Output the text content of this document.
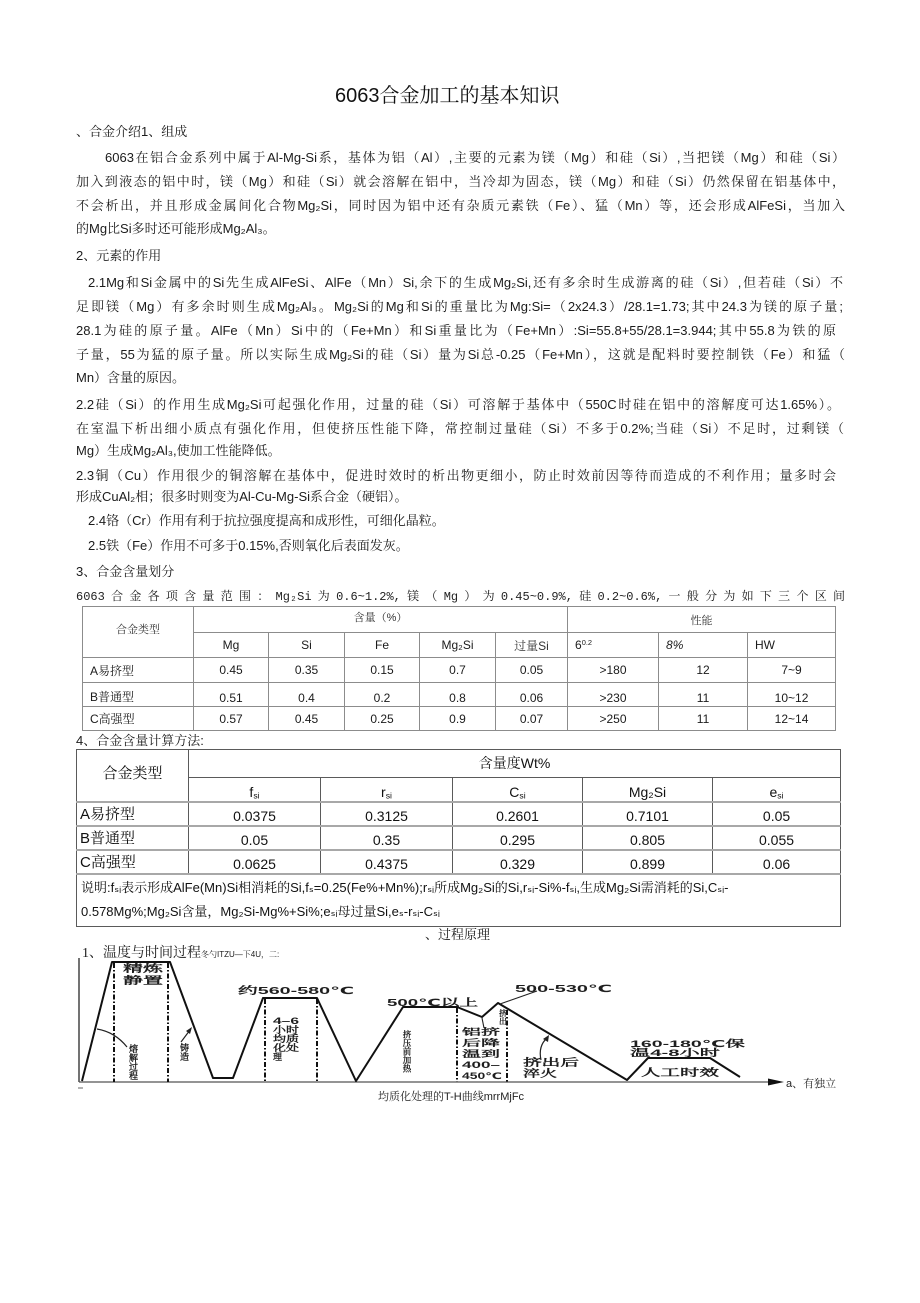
6063合金加工的基本知识
、合金介绍1、组成
6063在铝合金系列中属于Al-Mg-Si系，基体为铝（Al）,主要的元素为镁（Mg）和硅（Si）,当把镁（Mg）和硅（Si）
加入到液态的铝中时，镁（Mg）和硅（Si）就会溶解在铝中，当冷却为固态，镁（Mg）和硅（Si）仍然保留在铝基体中，
不会析出，并且形成金属间化合物Mg₂Si，同时因为铝中还有杂质元素铁（Fe）、猛（Mn）等，还会形成AlFeSi，当加入
的Mg比Si多时还可能形成Mg₂Al₃。
2、元素的作用
2.1Mg和Si金属中的Si先生成AlFeSi、AlFe（Mn）Si,余下的生成Mg₂Si,还有多余时生成游离的硅（Si）,但若硅（Si）不
足即镁（Mg）有多余时则生成Mg₂Al₃。Mg₂Si的Mg和Si的重量比为Mg:Si=（2x24.3）/28.1=1.73;其中24.3为镁的原子量;
28.1为硅的原子量。AlFe（Mn）Si中的（Fe+Mn）和Si重量比为（Fe+Mn）:Si=55.8+55/28.1=3.944;其中55.8为铁的原
子量，55为猛的原子量。所以实际生成Mg₂Si的硅（Si）量为Si总-0.25（Fe+Mn），这就是配料时要控制铁（Fe）和猛（
Mn）含量的原因。
2.2硅（Si）的作用生成Mg₂Si可起强化作用，过量的硅（Si）可溶解于基体中（550C时硅在铝中的溶解度可达1.65%）。
在室温下析出细小质点有强化作用，但使挤压性能下降，常控制过量硅（Si）不多于0.2%;当硅（Si）不足时，过剩镁（
Mg）生成Mg₂Al₃,使加工性能降低。
2.3铜（Cu）作用很少的铜溶解在基体中，促进时效时的析出物更细小，防止时效前因等待而造成的不利作用；量多时会
形成CuAl₂相；很多时则变为Al-Cu-Mg-Si系合金（硬铝）。
2.4铬（Cr）作用有利于抗拉强度提高和成形性，可细化晶粒。
2.5铁（Fe）作用不可多于0.15%,否则氧化后表面发灰。
3、合金含量划分
6063合金各项含量范围：Mg₂Si为0.6~1.2%,镁（Mg）为0.45~0.9%,硅0.2~0.6%,一般分为如下三个区间
合金类型	含量（%）					性能		
	Mg	Si	Fe	Mg₂Si	过量Si	$6^{0.2}$	8%	HW
A易挤型	0.45	0.35	0.15	0.7	0.05	>180	12	7~9
B普通型	0.51	0.4	0.2	0.8	0.06	>230	11	10~12
C高强型	0.57	0.45	0.25	0.9	0.07	>250	11	12~14
4、合金含量计算方法:
合金类型	含量度Wt%				
	$f_{si}$	$r_{si}$	$C_{si}$	Mg₂Si	$e_{si}$
A易挤型	0.0375	0.3125	0.2601	0.7101	0.05
B普通型	0.05	0.35	0.295	0.805	0.055
C高强型	0.0625	0.4375	0.329	0.899	0.06

说明:fₛᵢ表示形成AlFe(Mn)Si相消耗的Si,fₛ=0.25(Fe%+Mn%);rₛᵢ所成Mg₂Si的Si,rₛᵢ-Si%-fₛᵢ,生成Mg₂Si需消耗的Si,Cₛᵢ-
0.578Mg%;Mg₂Si含量，Mg₂Si-Mg%+Si%;eₛᵢ母过量Si,eₛ-rₛᵢ-Cₛᵢ					
、过程原理
1、温度与时间过程冬勺ITZU—下4U，二:
精炼
静置
熔解过程	铸造
约560-580℃
4–6
小时
均质
化处
理
500℃以上
挤压前加热	铝挤
后降
温到
400–
450℃
500-530℃
挤出
挤出后
淬火
160-180℃保
温4-8小时
人工时效
a、有独立
均质化处理的T-H曲线mrrMjFc
